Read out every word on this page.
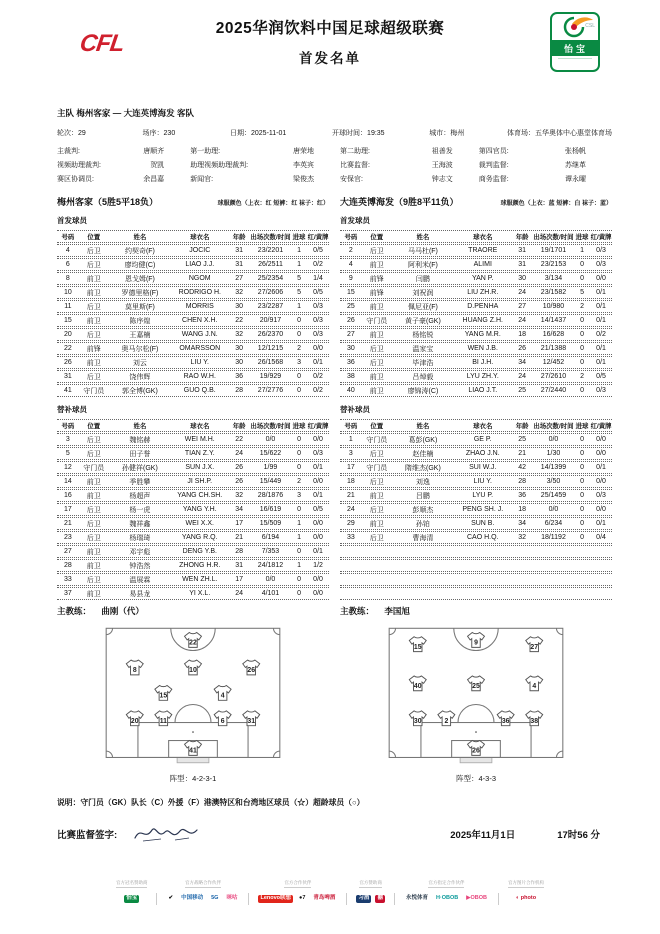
CFL
2025华润饮料中国足球超级联赛
首发名单
CSL
怡宝
主队 梅州客家 — 大连英博海发 客队
轮次：29	场序：230	日期：2025-11-01	开球时间：19:35	城市：梅州	体育场：五华奥体中心惠堂体育场
主裁判:	唐顺齐	第一助理:	唐荣地	第二助理:	祖善发	第四官员:	张杨帆
视频助理裁判:	贺凯	助理视频助理裁判:	李英宾	比赛监督:	王海波	裁判监督:	苏继革
赛区协调员:	余昌嘉	新闻官:	梁俊杰	安保官:	钟志文	商务监督:	谭永曜
梅州客家（5胜5平18负）	球服颜色（上衣：红 短裤：红 袜子：红）
首发球员
号码	位置	姓名	球衣名	年龄 出场次数/时间 进球 红/黄牌
4	后卫	约契奇(F)	JOCIC	31	23/2201	1	0/5
6	后卫	廖均健(C)	LIAO J.J.	31	26/2511	1	0/2
8	前卫	恩戈姆(F)	NGOM	27	25/2354	5	1/4
10	前卫	罗德里格(F)	RODRIGO H.	32	27/2606	5	0/5
11	后卫	莫里斯(F)	MORRIS	30	23/2287	1	0/3
15	前卫	陈序煌	CHEN X.H.	22	20/917	0	0/3
20	后卫	王嘉楠	WANG J.N.	32	26/2370	0	0/3
22	前锋	奥马尔松(F)	OMARSSON	30	12/1215	2	0/0
26	前卫	刘云	LIU Y.	30	26/1568	3	0/1
31	后卫	饶伟辉	RAO W.H.	36	19/929	0	0/2
41	守门员	郭全博(GK)	GUO Q.B.	28	27/2776	0	0/2
替补球员
号码	位置	姓名	球衣名	年龄 出场次数/时间 进球 红/黄牌
3	后卫	魏铭赫	WEI M.H.	22	0/0	0	0/0
5	后卫	田子誉	TIAN Z.Y.	24	15/622	0	0/3
12	守门员	孙健祥(GK)	SUN J.X.	26	1/99	0	0/1
14	前卫	季胜攀	JI SH.P.	26	15/449	2	0/0
16	前卫	杨超声	YANG CH.SH.	32	28/1876	3	0/1
17	后卫	杨一虎	YANG Y.H.	34	16/619	0	0/5
21	后卫	魏祥鑫	WEI X.X.	17	15/509	1	0/0
23	后卫	杨瑞琦	YANG R.Q.	21	6/194	1	0/0
27	前卫	邓宇彪	DENG Y.B.	28	7/353	0	0/1
28	前卫	钟浩然	ZHONG H.R.	31	24/1812	1	1/2
33	后卫	温展霖	WEN ZH.L.	17	0/0	0	0/0
37	前卫	易县龙	YI X.L.	24	4/101	0	0/0
主教练： 曲刚（代）
22
8	10	26
15	4
20	11	6	31
41
阵型：4-2-3-1
大连英博海发（9胜8平11负）	球服颜色（上衣：蓝 短裤：白 袜子：蓝）
首发球员
号码	位置	姓名	球衣名	年龄 出场次数/时间 进球 红/黄牌
2	后卫	马马杜(F)	TRAORE	31	19/1701	1	0/3
4	前卫	阿利米(F)	ALIMI	31	23/2153	0	0/3
9	前锋	闫鹏	YAN P.	30	3/134	0	0/0
15	前锋	刘祝润	LIU ZH.R.	24	23/1582	5	0/1
25	前卫	佩尼亚(F)	D.PENHA	27	10/980	2	0/1
26	守门员	黄子豪(GK)	HUANG Z.H.	24	14/1437	0	0/1
27	前卫	杨铭锐	YANG M.R.	18	16/628	0	0/2
30	后卫	温家宝	WEN J.B.	26	21/1388	0	0/1
36	后卫	毕津浩	BI J.H.	34	12/452	0	0/1
38	前卫	吕焯毅	LYU ZH.Y.	24	27/2610	2	0/5
40	前卫	廖锦涛(C)	LIAO J.T.	25	27/2440	0	0/3
替补球员
号码	位置	姓名	球衣名	年龄 出场次数/时间 进球 红/黄牌
1	守门员	葛彭(GK)	GE P.	25	0/0	0	0/0
3	后卫	赵佳楠	ZHAO J.N.	21	1/30	0	0/0
17	守门员	隋维杰(GK)	SUI W.J.	42	14/1399	0	0/1
18	后卫	刘逸	LIU Y.	28	3/50	0	0/0
21	前卫	吕鹏	LYU P.	36	25/1459	0	0/3
24	后卫	彭顺杰	PENG SH. J.	18	0/0	0	0/0
29	前卫	孙铂	SUN B.	34	6/234	0	0/1
33	后卫	曹海清	CAO H.Q.	32	18/1192	0	0/4
主教练： 李国旭
15
9
27
40	25	4
30	2	36	38
26
阵型：4-3-3
说明：守门员（GK）队长（C）外援（F）港澳特区和台湾地区球员（☆）超龄球员（○）
比赛监督签字:	2025年11月1日	17时56 分
官方冠名赞助商
怡宝
官方战略合作伙伴
✔	中国移动	5G	咪咕
官方合作伙伴
Lenovo联想	●7	青岛啤酒
官方赞助商
习酒	囍
官方指定合作伙伴
永悦体育	H·OBOB	▶OBOB
官方图片合作机构
◐ photo
